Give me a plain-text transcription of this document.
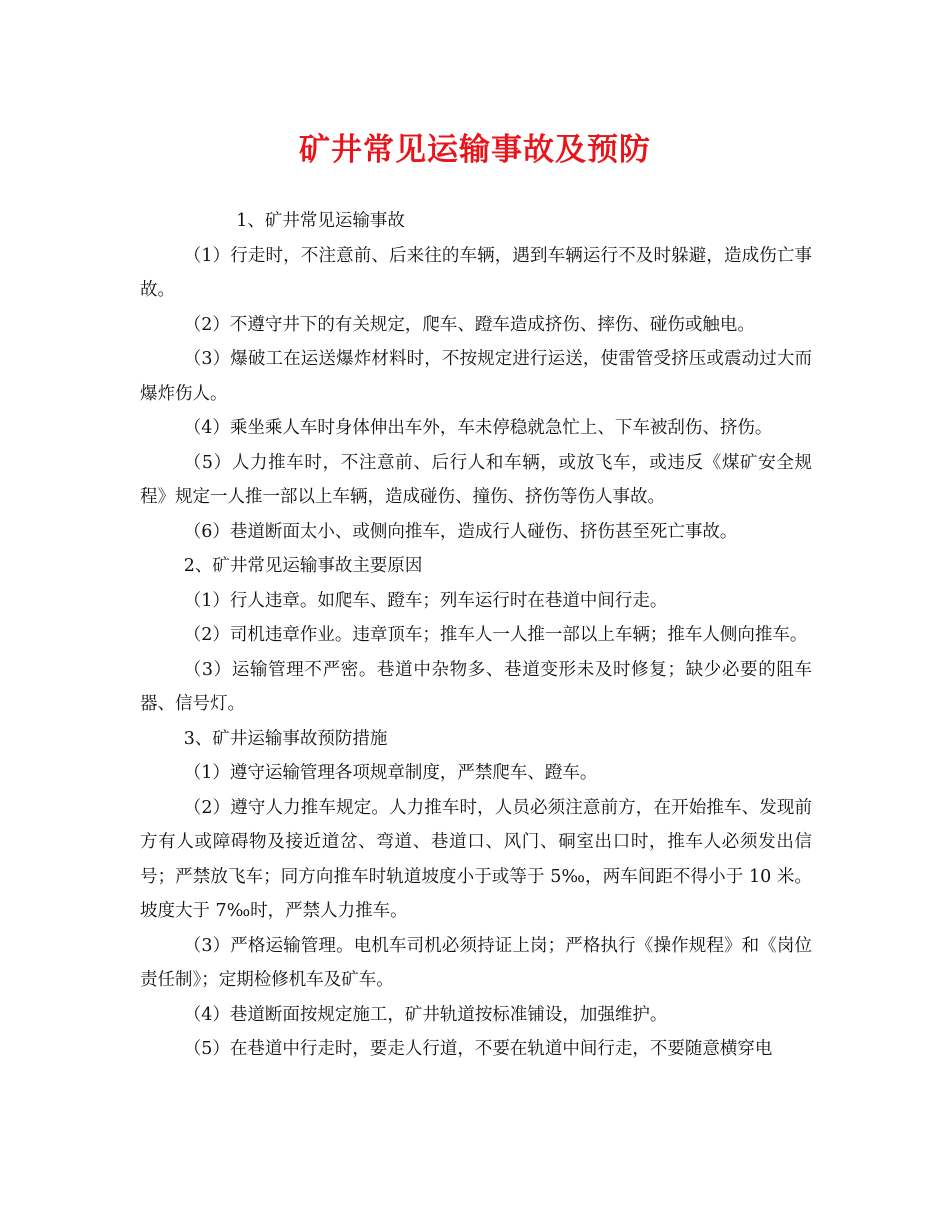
矿井常见运输事故及预防

1、矿井常见运输事故

（1）行走时，不注意前、后来往的车辆，遇到车辆运行不及时躲避，造成伤亡事故。

（2）不遵守井下的有关规定，爬车、蹬车造成挤伤、摔伤、碰伤或触电。

（3）爆破工在运送爆炸材料时，不按规定进行运送，使雷管受挤压或震动过大而爆炸伤人。

（4）乘坐乘人车时身体伸出车外，车未停稳就急忙上、下车被刮伤、挤伤。

（5）人力推车时，不注意前、后行人和车辆，或放飞车，或违反《煤矿安全规程》规定一人推一部以上车辆，造成碰伤、撞伤、挤伤等伤人事故。

（6）巷道断面太小、或侧向推车，造成行人碰伤、挤伤甚至死亡事故。

2、矿井常见运输事故主要原因

（1）行人违章。如爬车、蹬车；列车运行时在巷道中间行走。

（2）司机违章作业。违章顶车；推车人一人推一部以上车辆；推车人侧向推车。

（3）运输管理不严密。巷道中杂物多、巷道变形未及时修复；缺少必要的阻车器、信号灯。

3、矿井运输事故预防措施

（1）遵守运输管理各项规章制度，严禁爬车、蹬车。

（2）遵守人力推车规定。人力推车时，人员必须注意前方，在开始推车、发现前方有人或障碍物及接近道岔、弯道、巷道口、风门、硐室出口时，推车人必须发出信号；严禁放飞车；同方向推车时轨道坡度小于或等于 5‰，两车间距不得小于 10 米。坡度大于 7‰时，严禁人力推车。

（3）严格运输管理。电机车司机必须持证上岗；严格执行《操作规程》和《岗位责任制》；定期检修机车及矿车。

（4）巷道断面按规定施工，矿井轨道按标准铺设，加强维护。

（5）在巷道中行走时，要走人行道，不要在轨道中间行走，不要随意横穿电
